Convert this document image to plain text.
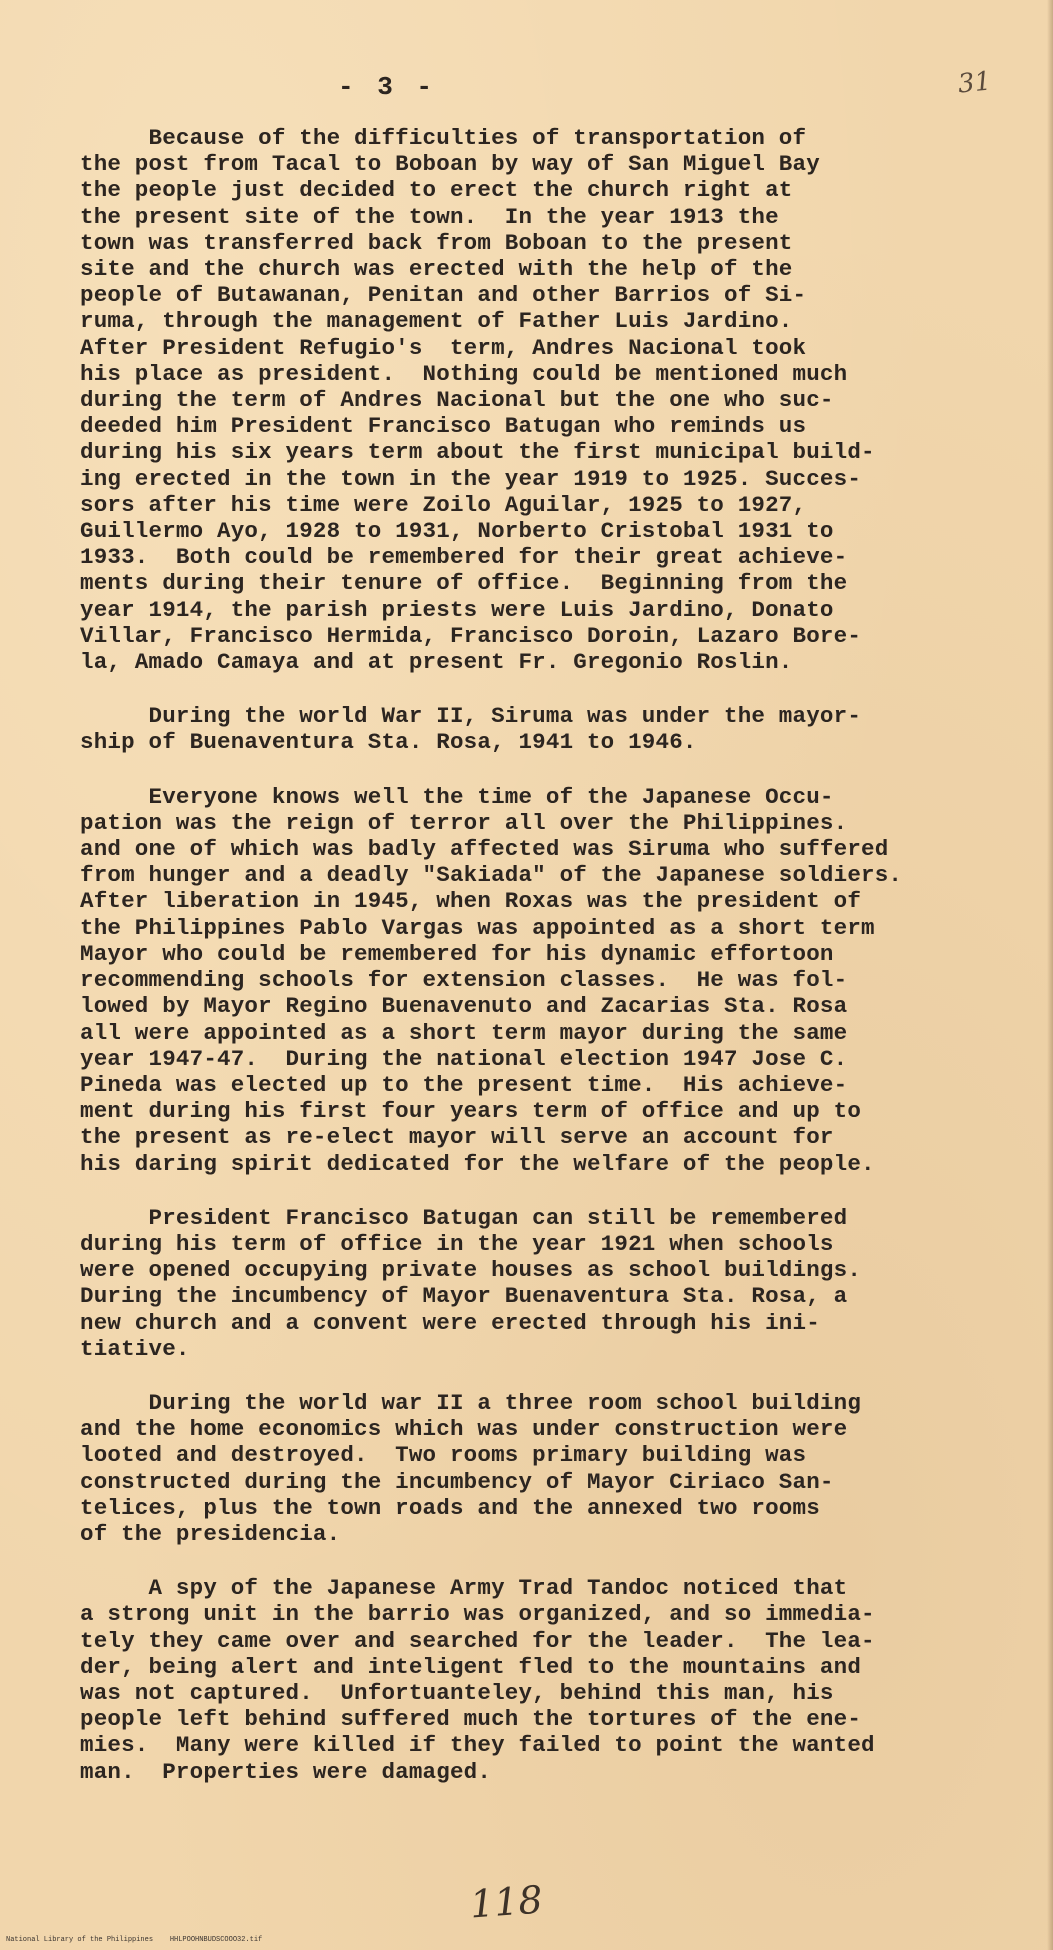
- 3 -	31
Because of the difficulties of transportation of
the post from Tacal to Boboan by way of San Miguel Bay
the people just decided to erect the church right at
the present site of the town.  In the year 1913 the
town was transferred back from Boboan to the present
site and the church was erected with the help of the
people of Butawanan, Penitan and other Barrios of Si-
ruma, through the management of Father Luis Jardino.
After President Refugio's  term, Andres Nacional took
his place as president.  Nothing could be mentioned much
during the term of Andres Nacional but the one who suc-
deeded him President Francisco Batugan who reminds us
during his six years term about the first municipal build-
ing erected in the town in the year 1919 to 1925. Succes-
sors after his time were Zoilo Aguilar, 1925 to 1927,
Guillermo Ayo, 1928 to 1931, Norberto Cristobal 1931 to
1933.  Both could be remembered for their great achieve-
ments during their tenure of office.  Beginning from the
year 1914, the parish priests were Luis Jardino, Donato
Villar, Francisco Hermida, Francisco Doroin, Lazaro Bore-
la, Amado Camaya and at present Fr. Gregonio Roslin.
During the world War II, Siruma was under the mayor-
ship of Buenaventura Sta. Rosa, 1941 to 1946.
Everyone knows well the time of the Japanese Occu-
pation was the reign of terror all over the Philippines.
and one of which was badly affected was Siruma who suffered
from hunger and a deadly "Sakiada" of the Japanese soldiers.
After liberation in 1945, when Roxas was the president of
the Philippines Pablo Vargas was appointed as a short term
Mayor who could be remembered for his dynamic effortoon
recommending schools for extension classes.  He was fol-
lowed by Mayor Regino Buenavenuto and Zacarias Sta. Rosa
all were appointed as a short term mayor during the same
year 1947-47.  During the national election 1947 Jose C.
Pineda was elected up to the present time.  His achieve-
ment during his first four years term of office and up to
the present as re-elect mayor will serve an account for
his daring spirit dedicated for the welfare of the people.
President Francisco Batugan can still be remembered
during his term of office in the year 1921 when schools
were opened occupying private houses as school buildings.
During the incumbency of Mayor Buenaventura Sta. Rosa, a
new church and a convent were erected through his ini-
tiative.
During the world war II a three room school building
and the home economics which was under construction were
looted and destroyed.  Two rooms primary building was
constructed during the incumbency of Mayor Ciriaco San-
telices, plus the town roads and the annexed two rooms
of the presidencia.
A spy of the Japanese Army Trad Tandoc noticed that
a strong unit in the barrio was organized, and so immedia-
tely they came over and searched for the leader.  The lea-
der, being alert and inteligent fled to the mountains and
was not captured.  Unfortuanteley, behind this man, his
people left behind suffered much the tortures of the ene-
mies.  Many were killed if they failed to point the wanted
man.  Properties were damaged.
118
National Library of the Philippines    HHLPOOHNBUDSCOOO32.tif
